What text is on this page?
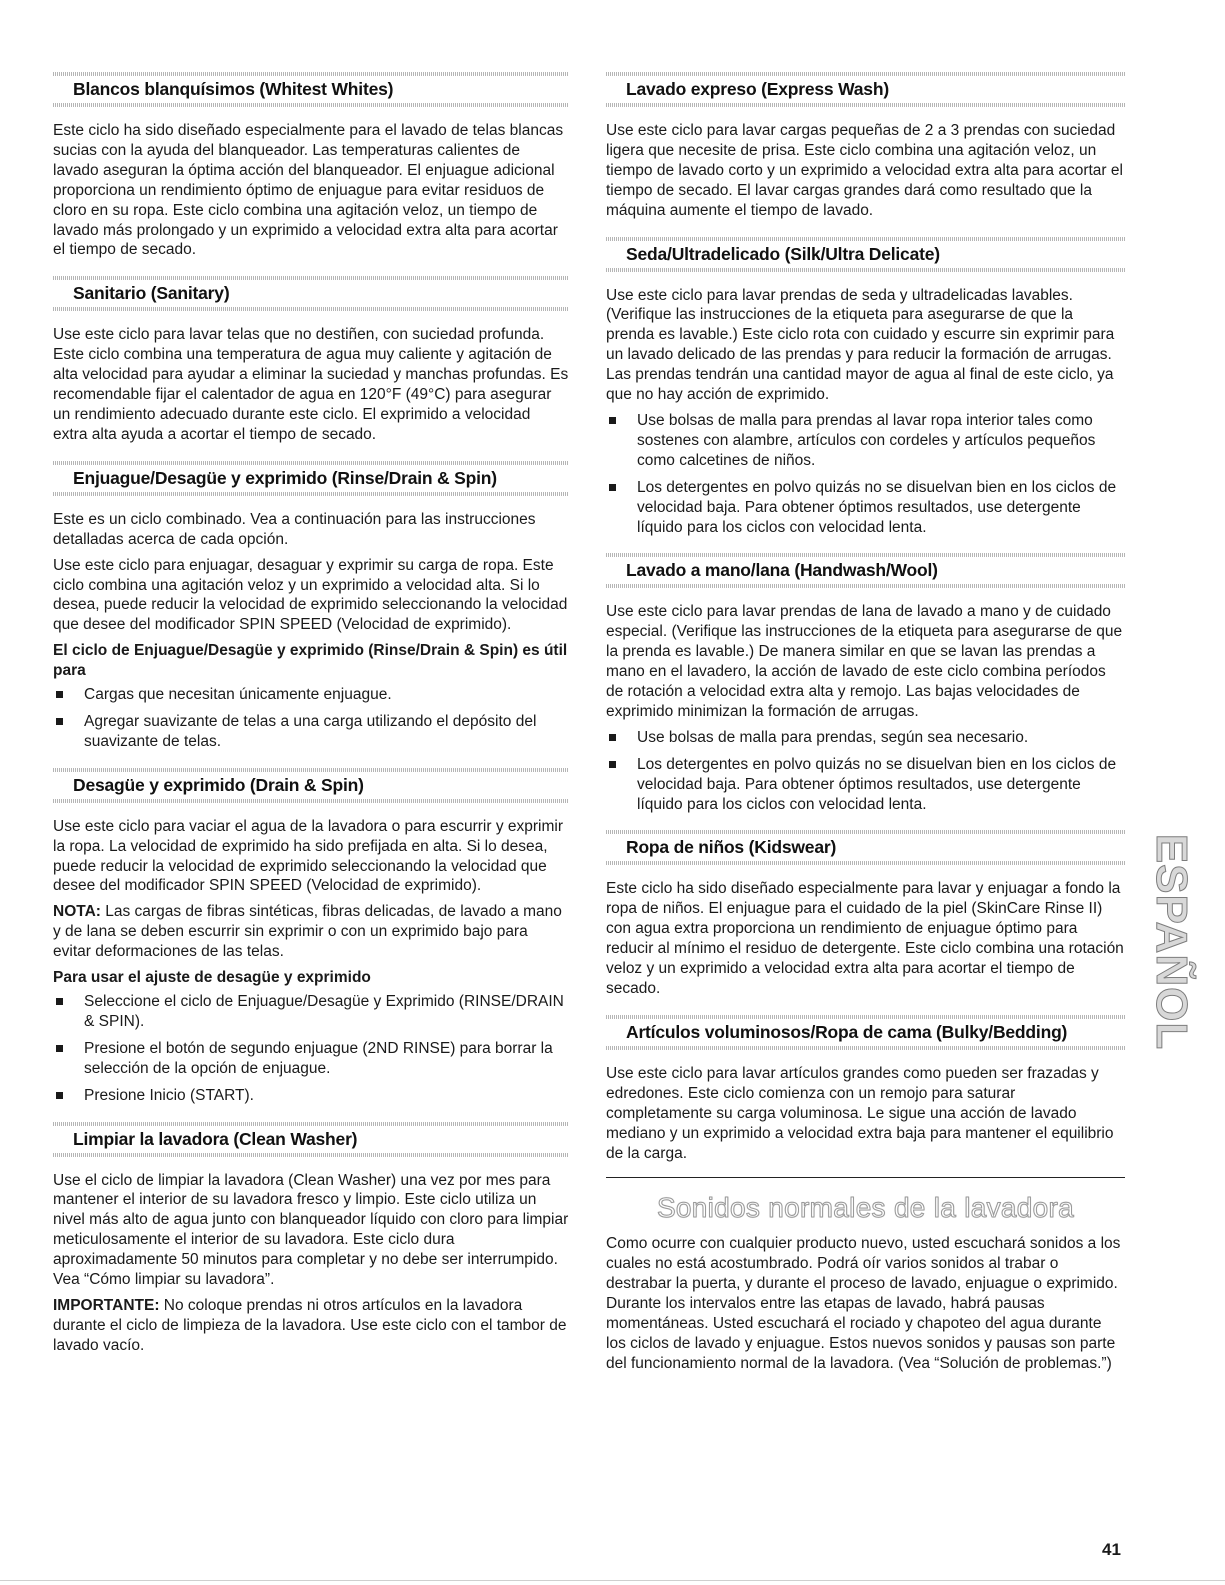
Blancos blanquísimos (Whitest Whites)

Este ciclo ha sido diseñado especialmente para el lavado de telas blancas sucias con la ayuda del blanqueador. Las temperaturas calientes de lavado aseguran la óptima acción del blanqueador. El enjuague adicional proporciona un rendimiento óptimo de enjuague para evitar residuos de cloro en su ropa. Este ciclo combina una agitación veloz, un tiempo de lavado más prolongado y un exprimido a velocidad extra alta para acortar el tiempo de secado.

Sanitario (Sanitary)

Use este ciclo para lavar telas que no destiñen, con suciedad profunda. Este ciclo combina una temperatura de agua muy caliente y agitación de alta velocidad para ayudar a eliminar la suciedad y manchas profundas. Es recomendable fijar el calentador de agua en 120°F (49°C) para asegurar un rendimiento adecuado durante este ciclo. El exprimido a velocidad extra alta ayuda a acortar el tiempo de secado.

Enjuague/Desagüe y exprimido (Rinse/Drain & Spin)

Este es un ciclo combinado. Vea a continuación para las instrucciones detalladas acerca de cada opción.

Use este ciclo para enjuagar, desaguar y exprimir su carga de ropa. Este ciclo combina una agitación veloz y un exprimido a velocidad alta. Si lo desea, puede reducir la velocidad de exprimido seleccionando la velocidad que desee del modificador SPIN SPEED (Velocidad de exprimido).

El ciclo de Enjuague/Desagüe y exprimido (Rinse/Drain & Spin) es útil para

Cargas que necesitan únicamente enjuague.
Agregar suavizante de telas a una carga utilizando el depósito del suavizante de telas.
Desagüe y exprimido (Drain & Spin)

Use este ciclo para vaciar el agua de la lavadora o para escurrir y exprimir la ropa. La velocidad de exprimido ha sido prefijada en alta. Si lo desea, puede reducir la velocidad de exprimido seleccionando la velocidad que desee del modificador SPIN SPEED (Velocidad de exprimido).

NOTA: Las cargas de fibras sintéticas, fibras delicadas, de lavado a mano y de lana se deben escurrir sin exprimir o con un exprimido bajo para evitar deformaciones de las telas.

Para usar el ajuste de desagüe y exprimido

Seleccione el ciclo de Enjuague/Desagüe y Exprimido (RINSE/DRAIN & SPIN).
Presione el botón de segundo enjuague (2ND RINSE) para borrar la selección de la opción de enjuague.
Presione Inicio (START).
Limpiar la lavadora (Clean Washer)

Use el ciclo de limpiar la lavadora (Clean Washer) una vez por mes para mantener el interior de su lavadora fresco y limpio. Este ciclo utiliza un nivel más alto de agua junto con blanqueador líquido con cloro para limpiar meticulosamente el interior de su lavadora. Este ciclo dura aproximadamente 50 minutos para completar y no debe ser interrumpido. Vea “Cómo limpiar su lavadora”.

IMPORTANTE: No coloque prendas ni otros artículos en la lavadora durante el ciclo de limpieza de la lavadora. Use este ciclo con el tambor de lavado vacío.

Lavado expreso (Express Wash)

Use este ciclo para lavar cargas pequeñas de 2 a 3 prendas con suciedad ligera que necesite de prisa. Este ciclo combina una agitación veloz, un tiempo de lavado corto y un exprimido a velocidad extra alta para acortar el tiempo de secado. El lavar cargas grandes dará como resultado que la máquina aumente el tiempo de lavado.

Seda/Ultradelicado (Silk/Ultra Delicate)

Use este ciclo para lavar prendas de seda y ultradelicadas lavables. (Verifique las instrucciones de la etiqueta para asegurarse de que la prenda es lavable.) Este ciclo rota con cuidado y escurre sin exprimir para un lavado delicado de las prendas y para reducir la formación de arrugas. Las prendas tendrán una cantidad mayor de agua al final de este ciclo, ya que no hay acción de exprimido.

Use bolsas de malla para prendas al lavar ropa interior tales como sostenes con alambre, artículos con cordeles y artículos pequeños como calcetines de niños.
Los detergentes en polvo quizás no se disuelvan bien en los ciclos de velocidad baja. Para obtener óptimos resultados, use detergente líquido para los ciclos con velocidad lenta.
Lavado a mano/lana (Handwash/Wool)

Use este ciclo para lavar prendas de lana de lavado a mano y de cuidado especial. (Verifique las instrucciones de la etiqueta para asegurarse de que la prenda es lavable.) De manera similar en que se lavan las prendas a mano en el lavadero, la acción de lavado de este ciclo combina períodos de rotación a velocidad extra alta y remojo. Las bajas velocidades de exprimido minimizan la formación de arrugas.

Use bolsas de malla para prendas, según sea necesario.
Los detergentes en polvo quizás no se disuelvan bien en los ciclos de velocidad baja. Para obtener óptimos resultados, use detergente líquido para los ciclos con velocidad lenta.
Ropa de niños (Kidswear)

Este ciclo ha sido diseñado especialmente para lavar y enjuagar a fondo la ropa de niños. El enjuague para el cuidado de la piel (SkinCare Rinse II) con agua extra proporciona un rendimiento de enjuague óptimo para reducir al mínimo el residuo de detergente. Este ciclo combina una rotación veloz y un exprimido a velocidad extra alta para acortar el tiempo de secado.

Artículos voluminosos/Ropa de cama (Bulky/Bedding)

Use este ciclo para lavar artículos grandes como pueden ser frazadas y edredones. Este ciclo comienza con un remojo para saturar completamente su carga voluminosa. Le sigue una acción de lavado mediano y un exprimido a velocidad extra baja para mantener el equilibrio de la carga.

Sonidos normales de la lavadora

Como ocurre con cualquier producto nuevo, usted escuchará sonidos a los cuales no está acostumbrado. Podrá oír varios sonidos al trabar o destrabar la puerta, y durante el proceso de lavado, enjuague o exprimido. Durante los intervalos entre las etapas de lavado, habrá pausas momentáneas. Usted escuchará el rociado y chapoteo del agua durante los ciclos de lavado y enjuague. Estos nuevos sonidos y pausas son parte del funcionamiento normal de la lavadora. (Vea “Solución de problemas.”)

ESPAÑOL
41
